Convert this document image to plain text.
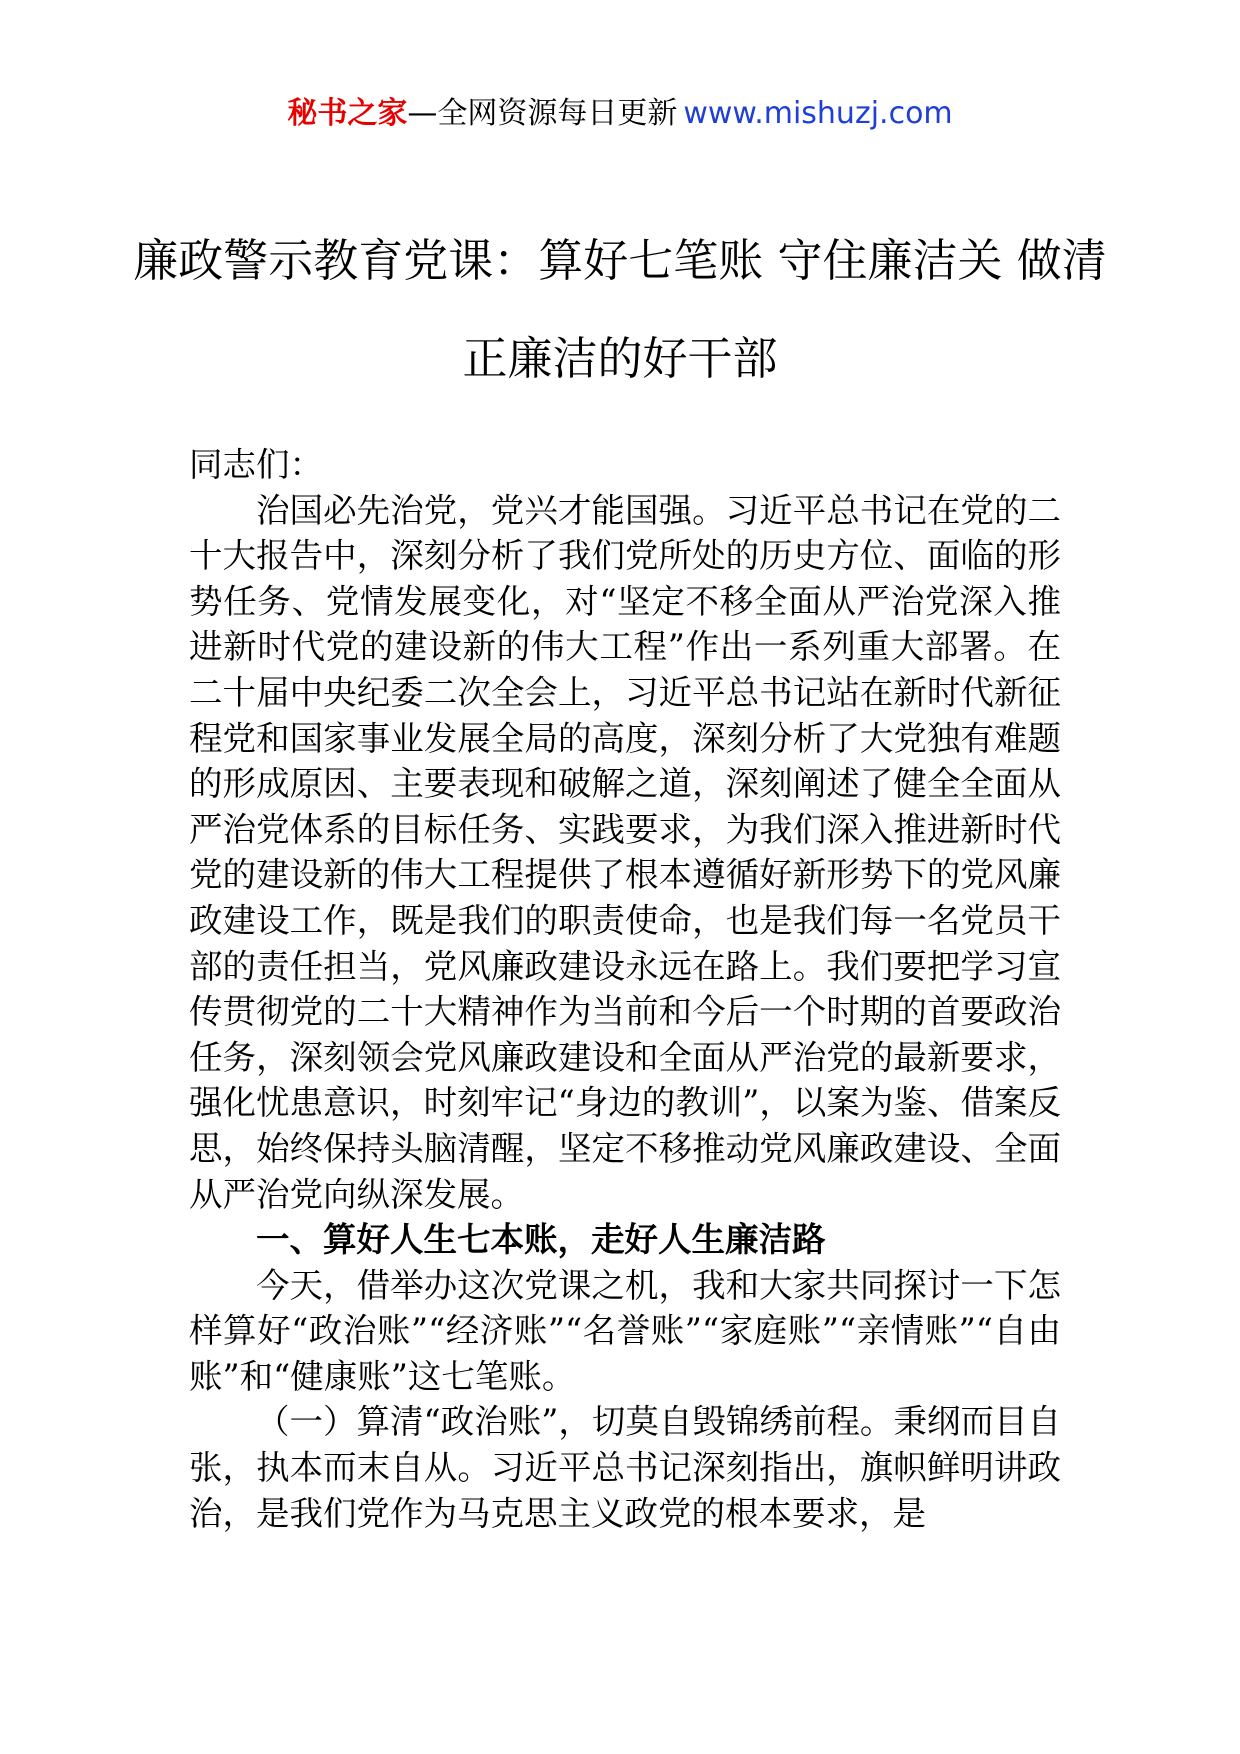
秘书之家—全网资源每日更新 www.mishuzj.com
廉政警示教育党课：算好七笔账 守住廉洁关 做清正廉洁的好干部

同志们：

治国必先治党，党兴才能国强。习近平总书记在党的二十大报告中，深刻分析了我们党所处的历史方位、面临的形势任务、党情发展变化，对“坚定不移全面从严治党深入推进新时代党的建设新的伟大工程”作出一系列重大部署。在二十届中央纪委二次全会上，习近平总书记站在新时代新征程党和国家事业发展全局的高度，深刻分析了大党独有难题的形成原因、主要表现和破解之道，深刻阐述了健全全面从严治党体系的目标任务、实践要求，为我们深入推进新时代党的建设新的伟大工程提供了根本遵循好新形势下的党风廉政建设工作，既是我们的职责使命，也是我们每一名党员干部的责任担当，党风廉政建设永远在路上。我们要把学习宣传贯彻党的二十大精神作为当前和今后一个时期的首要政治任务，深刻领会党风廉政建设和全面从严治党的最新要求，强化忧患意识，时刻牢记“身边的教训”，以案为鉴、借案反思，始终保持头脑清醒，坚定不移推动党风廉政建设、全面从严治党向纵深发展。

一、算好人生七本账，走好人生廉洁路

今天，借举办这次党课之机，我和大家共同探讨一下怎样算好“政治账”“经济账”“名誉账”“家庭账”“亲情账”“自由账”和“健康账”这七笔账。

（一）算清“政治账”，切莫自毁锦绣前程。秉纲而目自张，执本而末自从。习近平总书记深刻指出，旗帜鲜明讲政治，是我们党作为马克思主义政党的根本要求，是
